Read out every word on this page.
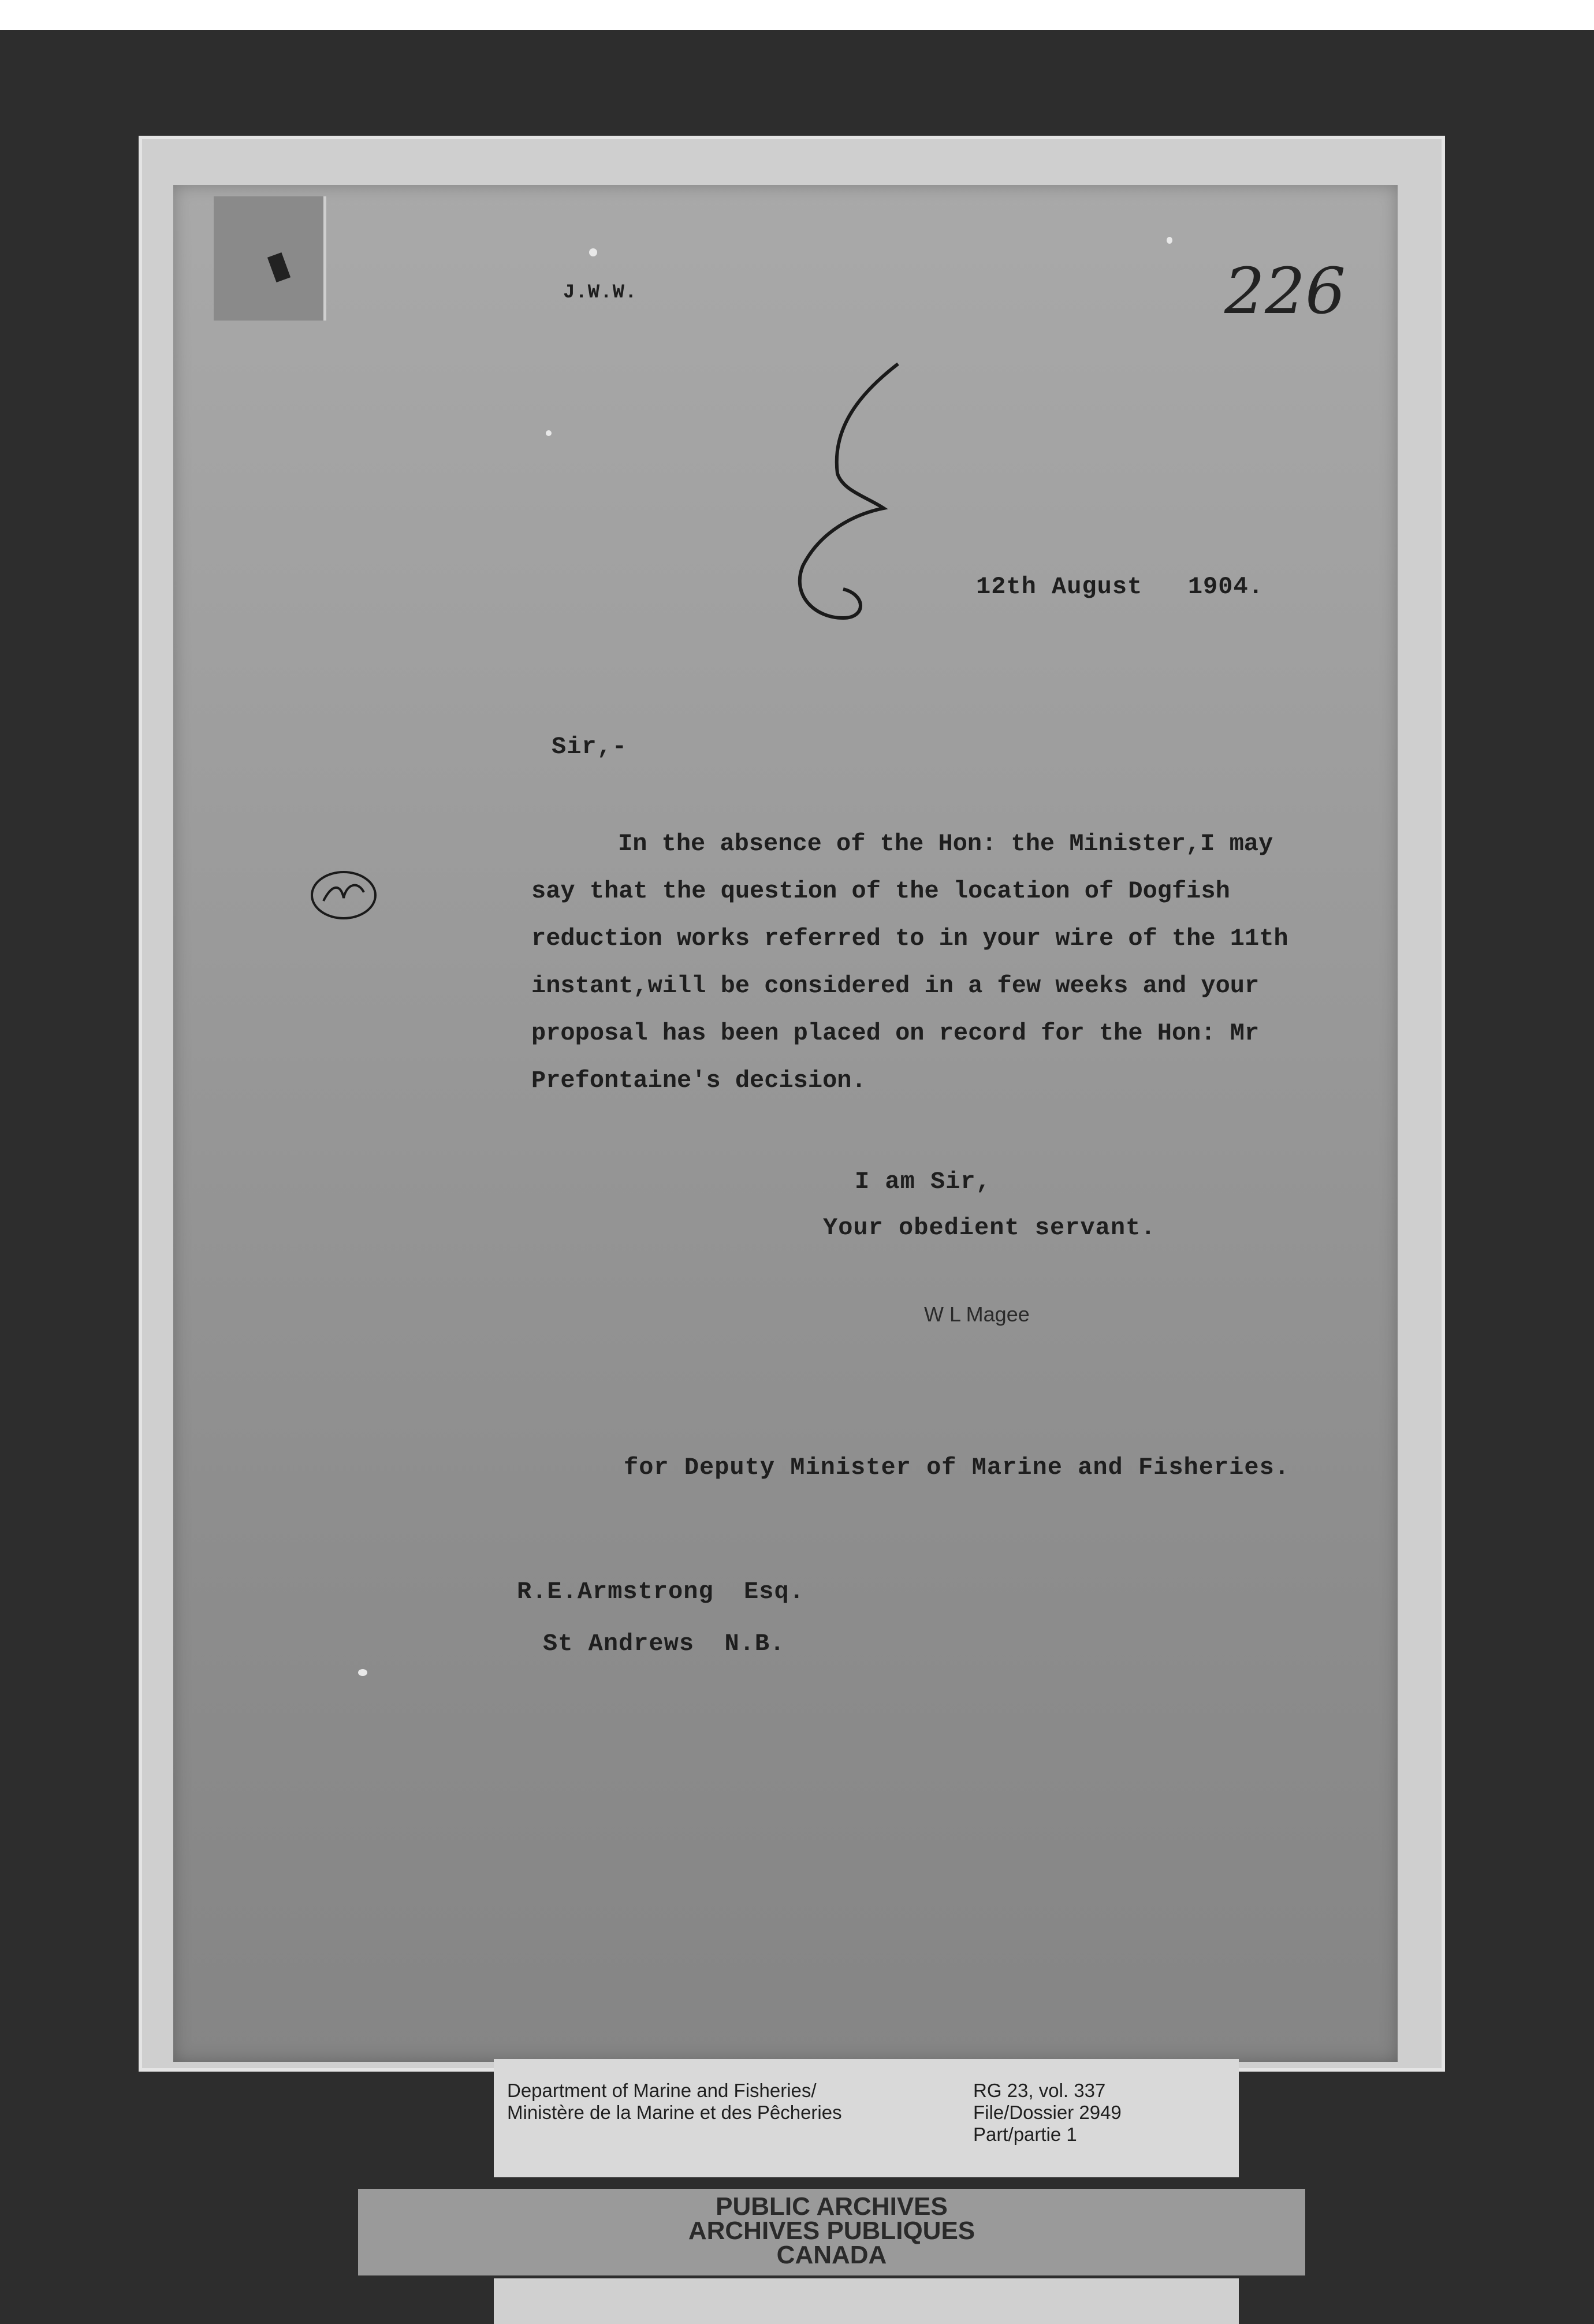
J.W.W.	226
12th August   1904.
Sir,-
In the absence of the Hon: the Minister,I may
say that the question of the location of Dogfish
reduction works referred to in your wire of the 11th
instant,will be considered in a few weeks and your
proposal has been placed on record for the Hon: Mr
Prefontaine's decision.
I am Sir,
Your obedient servant.
W L Magee
for Deputy Minister of Marine and Fisheries.
R.E.Armstrong  Esq.
St Andrews  N.B.
Department of Marine and Fisheries/
Ministère de la Marine et des Pêcheries
RG 23, vol. 337
File/Dossier 2949
Part/partie 1
PUBLIC ARCHIVES
ARCHIVES PUBLIQUES
CANADA
